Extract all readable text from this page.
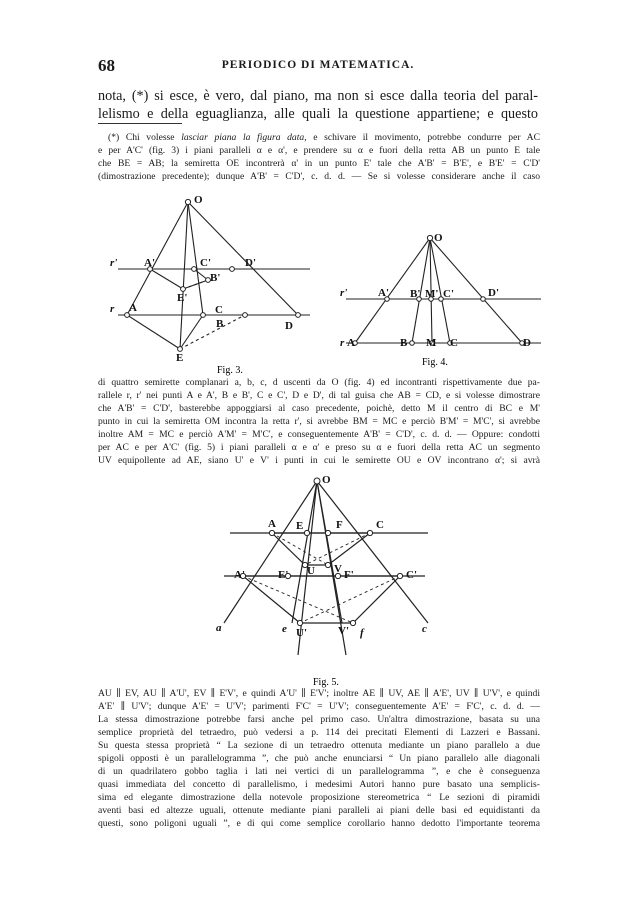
68	PERIODICO DI MATEMATICA.
nota, (*) si esce, è vero, dal piano, ma non si esce dalla teoria del paral-
lelismo e della eguaglianza, alle quali la questione appartiene; e questo
(*) Chi volesse lasciar piana la figura data, e schivare il movimento, potrebbe condurre per AC
e per A'C' (fig. 3) i piani paralleli α e α', e prendere su α e fuori della retta AB un punto E tale
che BE = AB; la semiretta OE incontrerà α' in un punto E' tale che A'B' = B'E', e B'E' = C'D'
(dimostrazione precedente); dunque A'B' = C'D', c. d. d. — Se si volesse considerare anche il caso
O
r'
r
A'	C'	D'
E'
B'
A	C
B	D
E
Fig. 3.
O
r'	A' B' M' C'	D'
r A	B M C	D
Fig. 4.
di quattro semirette complanari a, b, c, d uscenti da O (fig. 4) ed incontranti rispettivamente due pa-
rallele r, r' nei punti A e A', B e B', C e C', D e D', di tal guisa che AB = CD, e si volesse dimostrare
che A'B' = C'D', basterebbe appoggiarsi al caso precedente, poichè, detto M il centro di BC e M'
punto in cui la semiretta OM incontra la retta r', si avrebbe BM = MC e perciò B'M' = M'C', si avrebbe
inoltre AM = MC e perciò A'M' = M'C', e conseguentemente A'B' = C'D', c. d. d. — Oppure: condotti
per AC e per A'C' (fig. 5) i piani paralleli α e α' e preso su α e fuori della retta AC un segmento
UV equipollente ad AE, siano U' e V' i punti in cui le semirette OU e OV incontrano α'; si avrà
O
A E	F	C
U V
A'	E'	F'	C'
a	e U'	V' f	c
Fig. 5.
AU ∥ EV, AU ∥ A'U', EV ∥ E'V', e quindi A'U' ∥ E'V'; inoltre AE ∥ UV, AE ∥ A'E', UV ∥ U'V', e quindi
A'E' ∥ U'V'; dunque A'E' = U'V'; parimenti F'C' = U'V'; conseguentemente A'E' = F'C', c. d. d. —
La stessa dimostrazione potrebbe farsi anche pel primo caso. Un'altra dimostrazione, basata su una
semplice proprietà del tetraedro, può vedersi a p. 114 dei precitati Elementi di Lazzeri e Bassani.
Su questa stessa proprietà “ La sezione di un tetraedro ottenuta mediante un piano parallelo a due
spigoli opposti è un parallelogramma ”, che può anche enunciarsi “ Un piano parallelo alle diagonali
di un quadrilatero gobbo taglia i lati nei vertici di un parallelogramma ”, e che è conseguenza
quasi immediata del concetto di parallelismo, i medesimi Autori hanno pure basato una semplicis-
sima ed elegante dimostrazione della notevole proposizione stereometrica “ Le sezioni di piramidi
aventi basi ed altezze uguali, ottenute mediante piani paralleli ai piani delle basi ed equidistanti da
questi, sono poligoni uguali ”, e di qui come semplice corollario hanno dedotto l'importante teorema
